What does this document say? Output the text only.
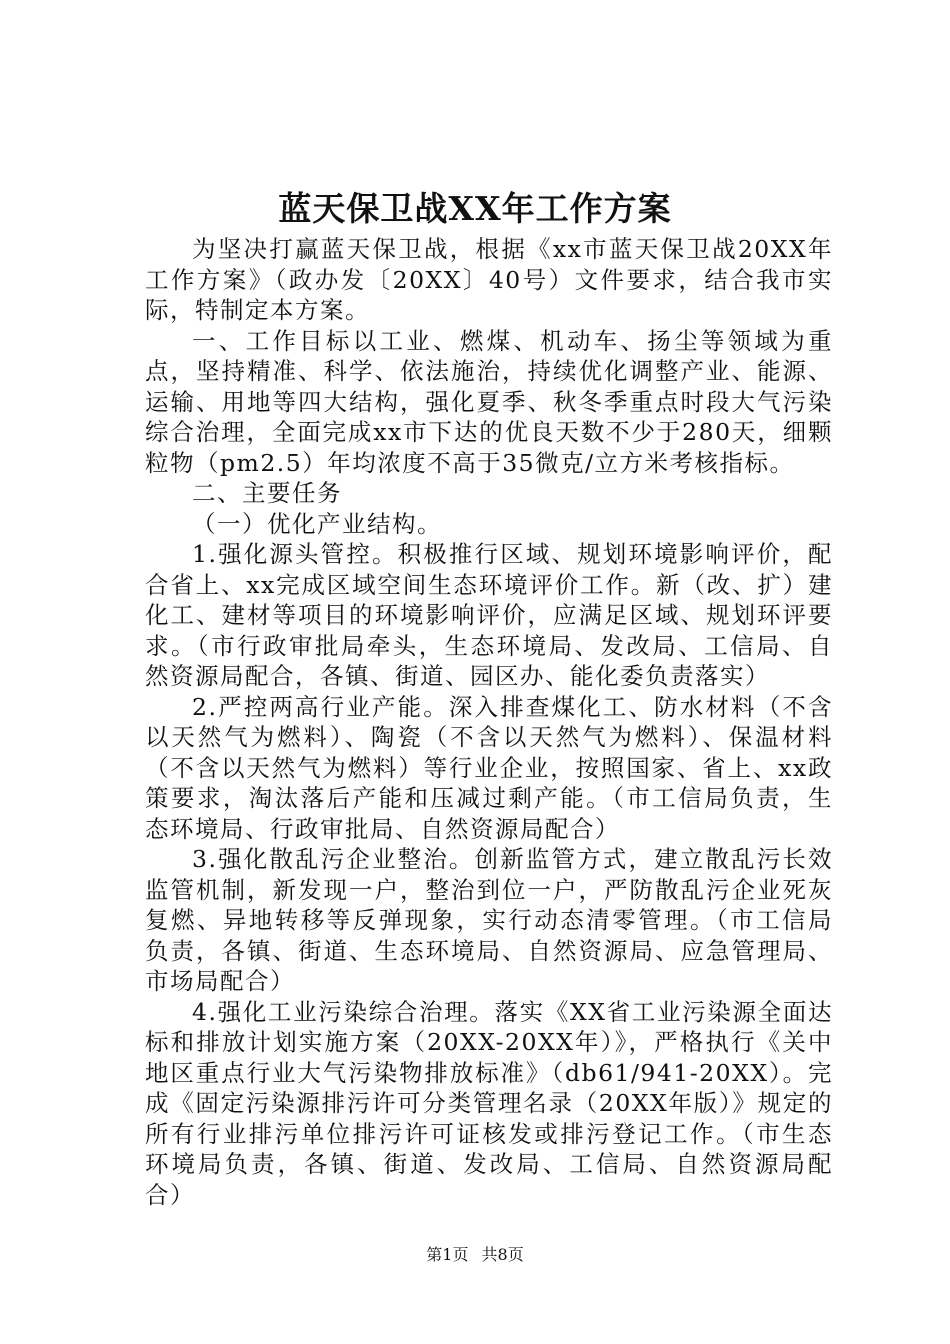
蓝天保卫战XX年工作方案

为坚决打赢蓝天保卫战，根据《xx市蓝天保卫战20XX年工作方案》（政办发〔20XX〕40号）文件要求，结合我市实际，特制定本方案。

一、工作目标以工业、燃煤、机动车、扬尘等领域为重点，坚持精准、科学、依法施治，持续优化调整产业、能源、运输、用地等四大结构，强化夏季、秋冬季重点时段大气污染综合治理，全面完成xx市下达的优良天数不少于280天，细颗粒物（pm2.5）年均浓度不高于35微克/立方米考核指标。

二、主要任务

（一）优化产业结构。

1.强化源头管控。积极推行区域、规划环境影响评价，配合省上、xx完成区域空间生态环境评价工作。新（改、扩）建化工、建材等项目的环境影响评价，应满足区域、规划环评要求。（市行政审批局牵头，生态环境局、发改局、工信局、自然资源局配合，各镇、街道、园区办、能化委负责落实）

2.严控两高行业产能。深入排查煤化工、防水材料（不含以天然气为燃料）、陶瓷（不含以天然气为燃料）、保温材料（不含以天然气为燃料）等行业企业，按照国家、省上、xx政策要求，淘汰落后产能和压减过剩产能。（市工信局负责，生态环境局、行政审批局、自然资源局配合）

3.强化散乱污企业整治。创新监管方式，建立散乱污长效监管机制，新发现一户，整治到位一户，严防散乱污企业死灰复燃、异地转移等反弹现象，实行动态清零管理。（市工信局负责，各镇、街道、生态环境局、自然资源局、应急管理局、市场局配合）

4.强化工业污染综合治理。落实《XX省工业污染源全面达标和排放计划实施方案（20XX-20XX年）》，严格执行《关中地区重点行业大气污染物排放标准》（db61/941-20XX）。完成《固定污染源排污许可分类管理名录（20XX年版）》规定的所有行业排污单位排污许可证核发或排污登记工作。（市生态环境局负责，各镇、街道、发改局、工信局、自然资源局配合）

第1页 共8页
